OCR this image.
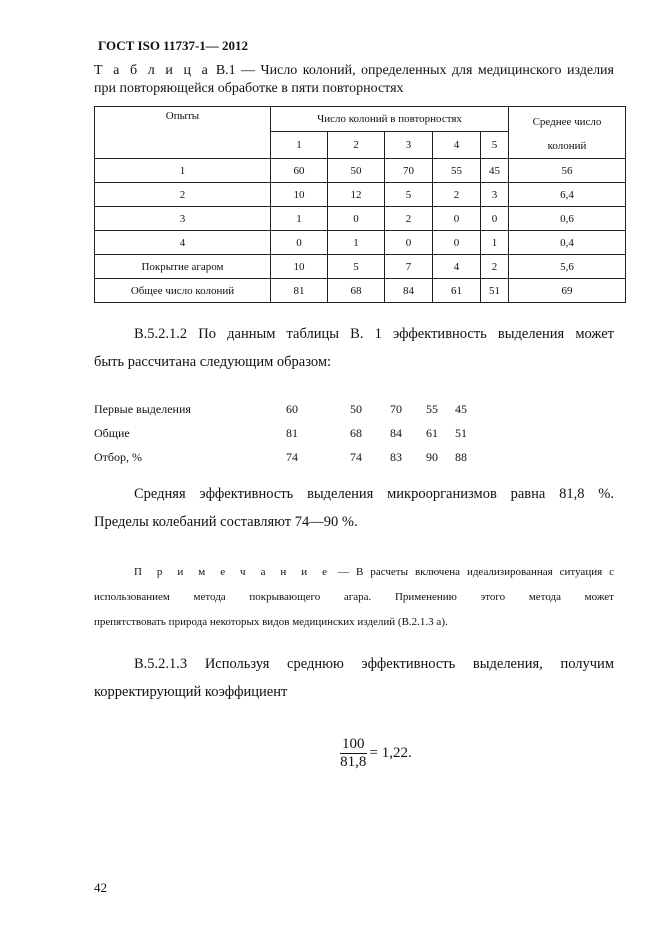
ГОСТ ISO 11737-1— 2012
Т а б л и ц а В.1 — Число колоний, определенных для медицинского изделия
при повторяющейся обработке в пяти повторностях
Опыты	Число колоний в повторностях					Среднее число
колоний

	1	2	3	4	5	
1	60	50	70	55	45	56
2	10	12	5	2	3	6,4
3	1	0	2	0	0	0,6
4	0	1	0	0	1	0,4
Покрытие агаром	10	5	7	4	2	5,6
Общее число колоний	81	68	84	61	51	69
В.5.2.1.2 По данным таблицы В. 1 эффективность выделения может
быть рассчитана следующим образом:
Первые выделения	60	50 70 55 45
Общие	81	68 84 61 51
Отбор, %	74	74 83 90 88
Средняя эффективность выделения микроорганизмов равна 81,8 %.
Пределы колебаний составляют 74—90 %.
П р и м е ч а н и е — В расчеты включена идеализированная ситуация с
использованием метода покрывающего агара. Применению этого метода может
препятствовать природа некоторых видов медицинских изделий (В.2.1.3 а).
В.5.2.1.3 Используя среднюю эффективность выделения, получим
корректирующий коэффициент
$\frac{100}{81,8} = 1,22$.
42
